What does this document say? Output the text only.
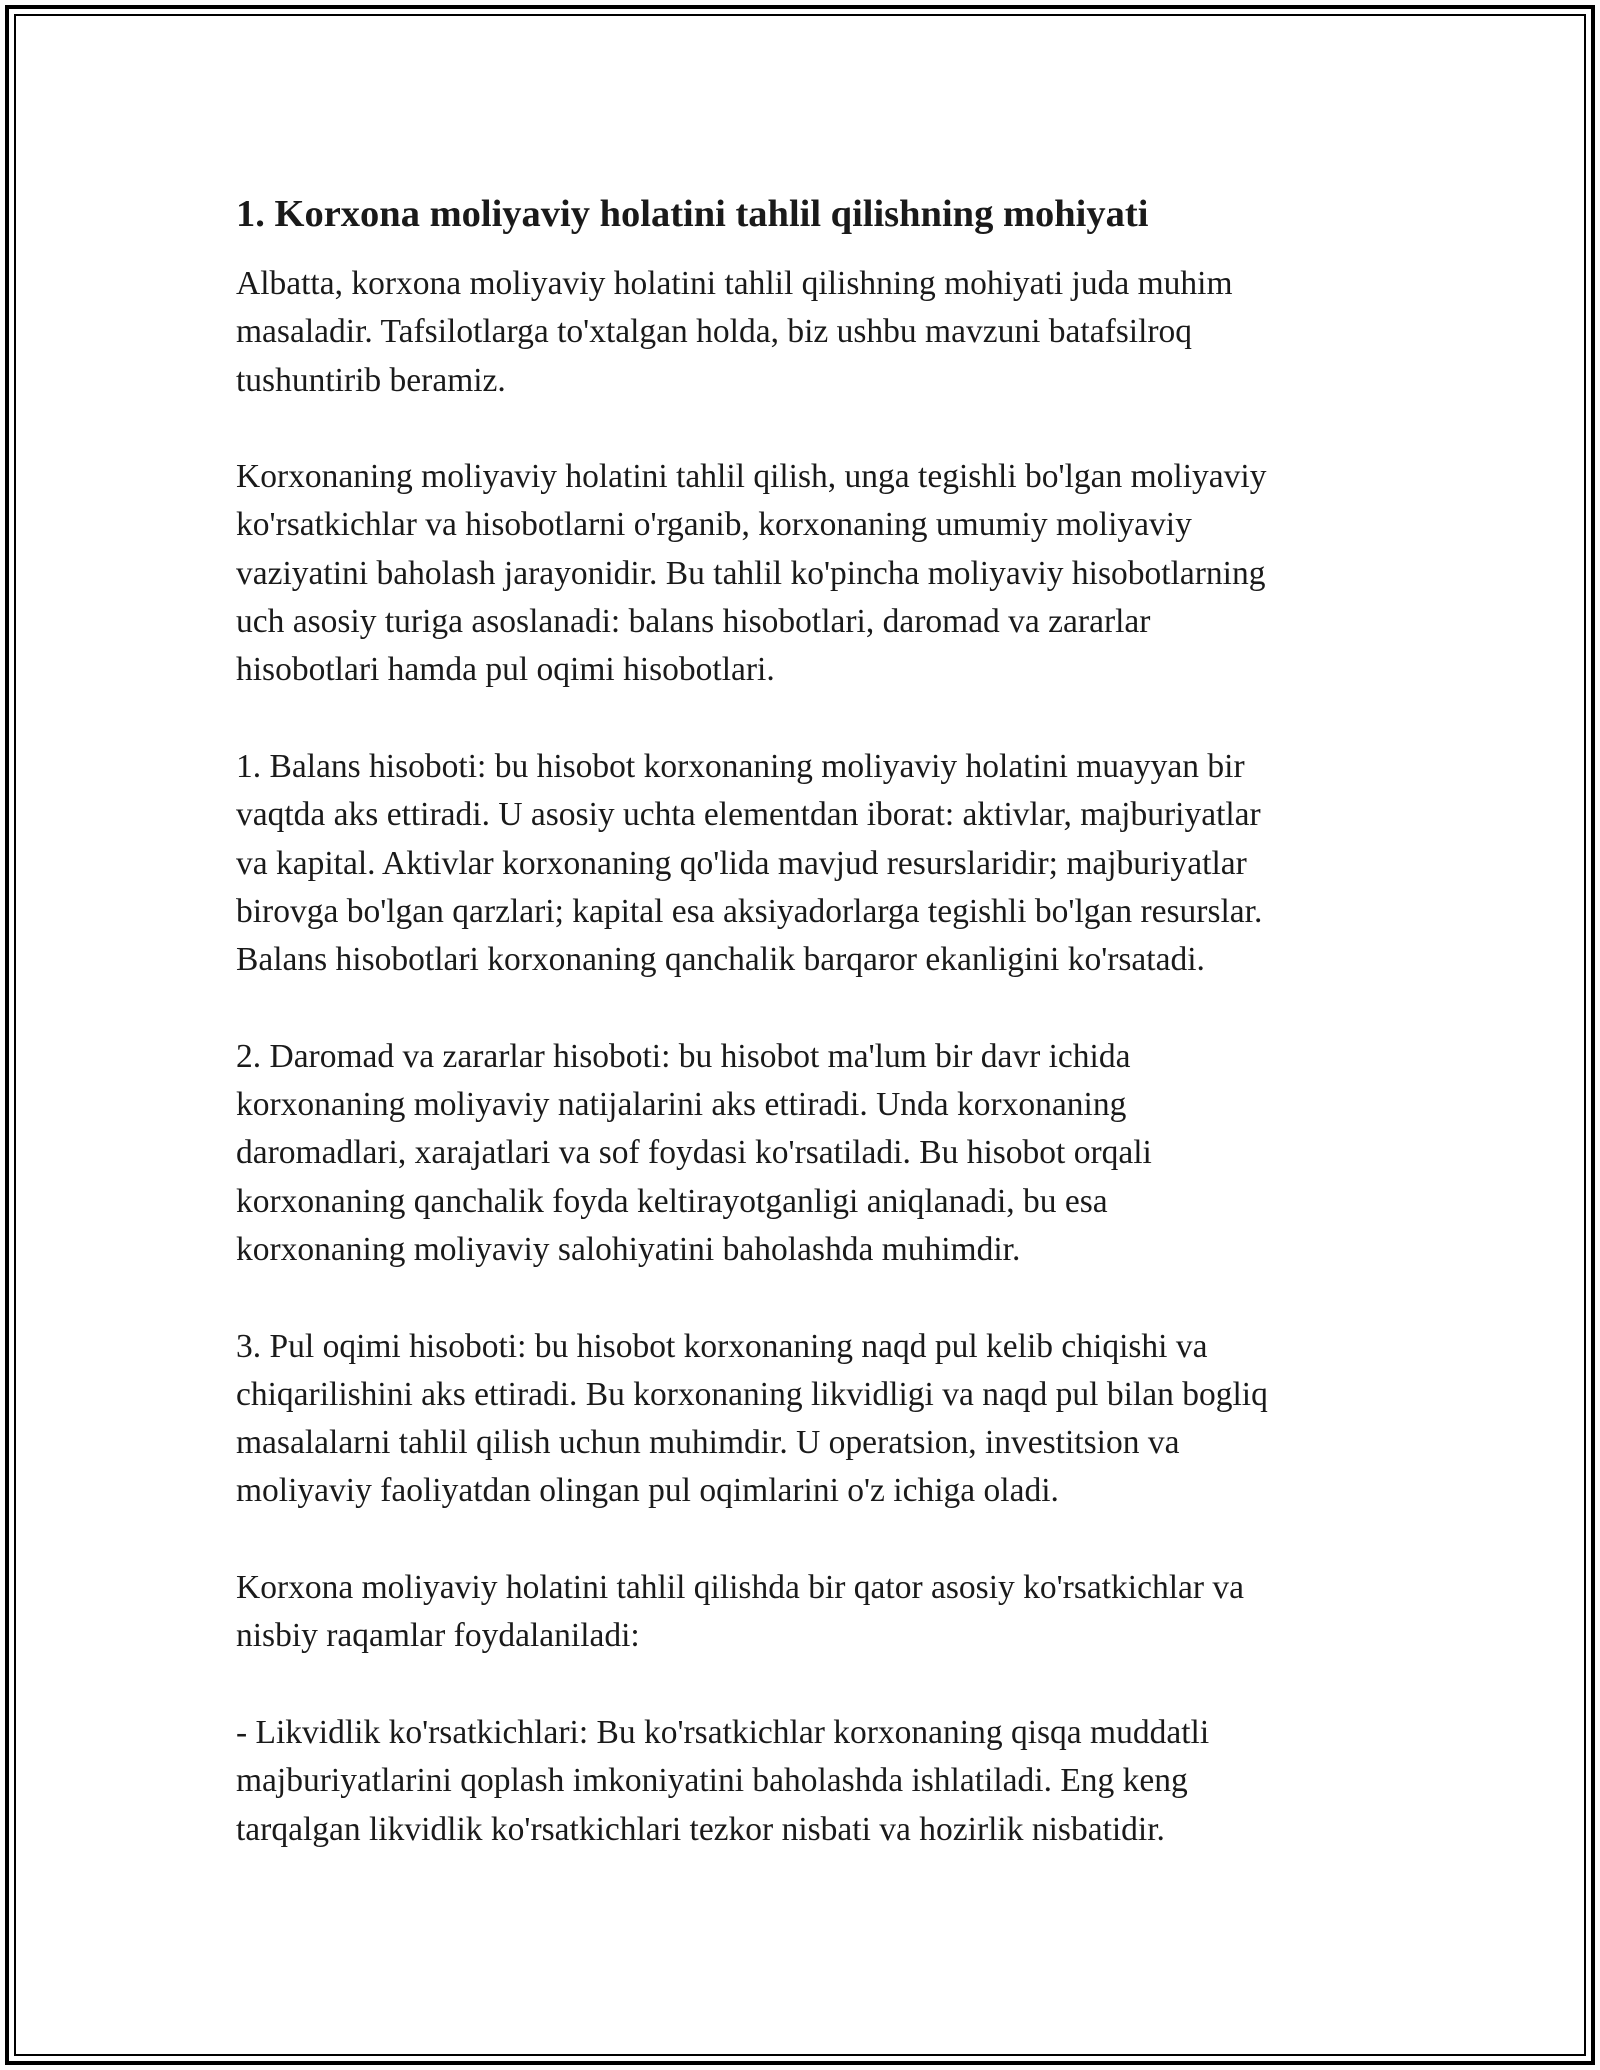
1. Korxona moliyaviy holatini tahlil qilishning mohiyati

Albatta, korxona moliyaviy holatini tahlil qilishning mohiyati juda muhim
masaladir. Tafsilotlarga to'xtalgan holda, biz ushbu mavzuni batafsilroq
tushuntirib beramiz.

Korxonaning moliyaviy holatini tahlil qilish, unga tegishli bo'lgan moliyaviy
ko'rsatkichlar va hisobotlarni o'rganib, korxonaning umumiy moliyaviy
vaziyatini baholash jarayonidir. Bu tahlil ko'pincha moliyaviy hisobotlarning
uch asosiy turiga asoslanadi: balans hisobotlari, daromad va zararlar
hisobotlari hamda pul oqimi hisobotlari.

1. Balans hisoboti: bu hisobot korxonaning moliyaviy holatini muayyan bir
vaqtda aks ettiradi. U asosiy uchta elementdan iborat: aktivlar, majburiyatlar
va kapital. Aktivlar korxonaning qo'lida mavjud resurslaridir; majburiyatlar
birovga bo'lgan qarzlari; kapital esa aksiyadorlarga tegishli bo'lgan resurslar.
Balans hisobotlari korxonaning qanchalik barqaror ekanligini ko'rsatadi.

2. Daromad va zararlar hisoboti: bu hisobot ma'lum bir davr ichida
korxonaning moliyaviy natijalarini aks ettiradi. Unda korxonaning
daromadlari, xarajatlari va sof foydasi ko'rsatiladi. Bu hisobot orqali
korxonaning qanchalik foyda keltirayotganligi aniqlanadi, bu esa
korxonaning moliyaviy salohiyatini baholashda muhimdir.

3. Pul oqimi hisoboti: bu hisobot korxonaning naqd pul kelib chiqishi va
chiqarilishini aks ettiradi. Bu korxonaning likvidligi va naqd pul bilan bogliq
masalalarni tahlil qilish uchun muhimdir. U operatsion, investitsion va
moliyaviy faoliyatdan olingan pul oqimlarini o'z ichiga oladi.

Korxona moliyaviy holatini tahlil qilishda bir qator asosiy ko'rsatkichlar va
nisbiy raqamlar foydalaniladi:

- Likvidlik ko'rsatkichlari: Bu ko'rsatkichlar korxonaning qisqa muddatli
majburiyatlarini qoplash imkoniyatini baholashda ishlatiladi. Eng keng
tarqalgan likvidlik ko'rsatkichlari tezkor nisbati va hozirlik nisbatidir.
